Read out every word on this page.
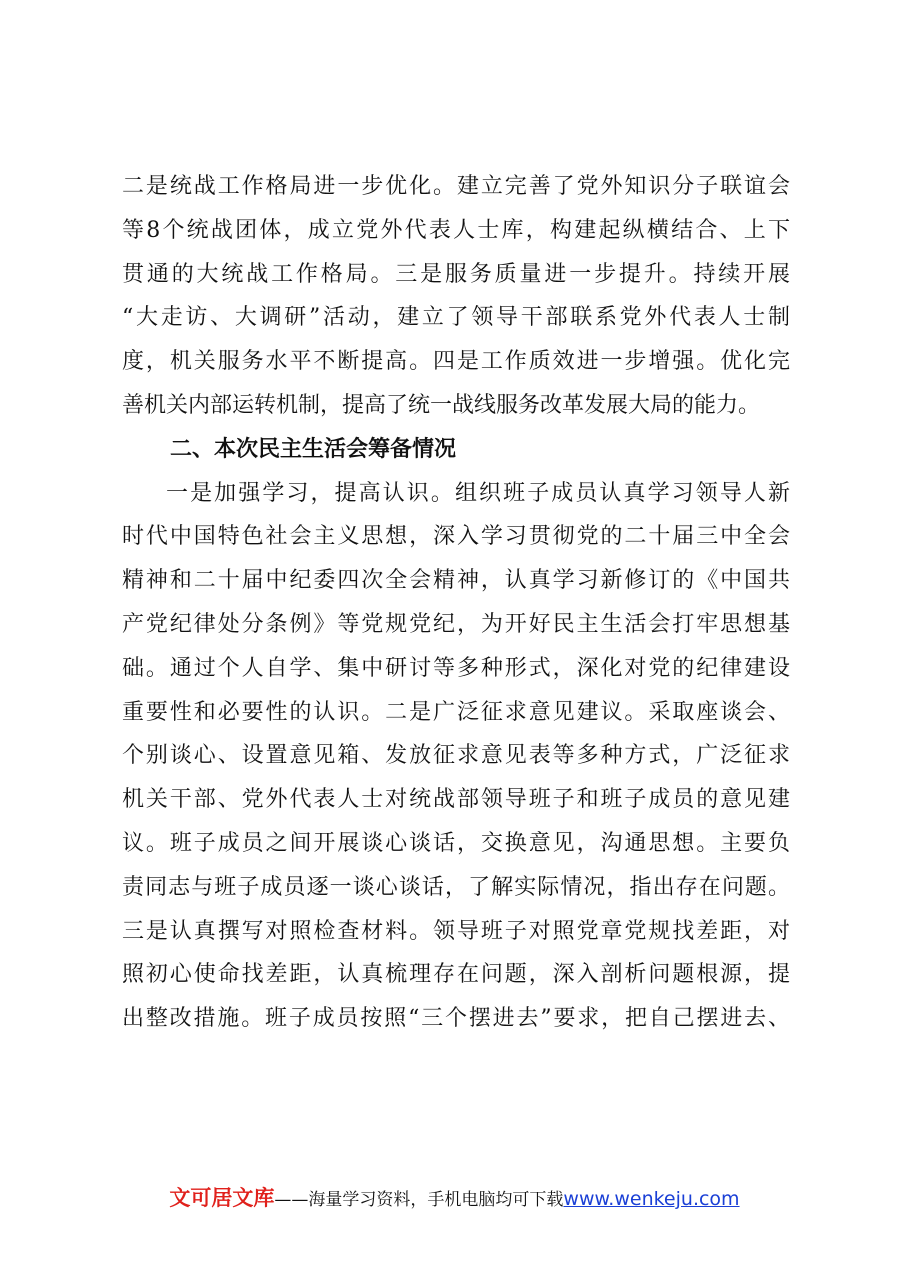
二是统战工作格局进一步优化。建立完善了党外知识分子联谊会
等8个统战团体，成立党外代表人士库，构建起纵横结合、上下
贯通的大统战工作格局。三是服务质量进一步提升。持续开展
“大走访、大调研”活动，建立了领导干部联系党外代表人士制
度，机关服务水平不断提高。四是工作质效进一步增强。优化完
善机关内部运转机制，提高了统一战线服务改革发展大局的能力。
二、本次民主生活会筹备情况
一是加强学习，提高认识。组织班子成员认真学习领导人新
时代中国特色社会主义思想，深入学习贯彻党的二十届三中全会
精神和二十届中纪委四次全会精神，认真学习新修订的《中国共
产党纪律处分条例》等党规党纪，为开好民主生活会打牢思想基
础。通过个人自学、集中研讨等多种形式，深化对党的纪律建设
重要性和必要性的认识。二是广泛征求意见建议。采取座谈会、
个别谈心、设置意见箱、发放征求意见表等多种方式，广泛征求
机关干部、党外代表人士对统战部领导班子和班子成员的意见建
议。班子成员之间开展谈心谈话，交换意见，沟通思想。主要负
责同志与班子成员逐一谈心谈话，了解实际情况，指出存在问题。
三是认真撰写对照检查材料。领导班子对照党章党规找差距，对
照初心使命找差距，认真梳理存在问题，深入剖析问题根源，提
出整改措施。班子成员按照“三个摆进去”要求，把自己摆进去、
文可居文库——海量学习资料，手机电脑均可下载www.wenkeju.com
